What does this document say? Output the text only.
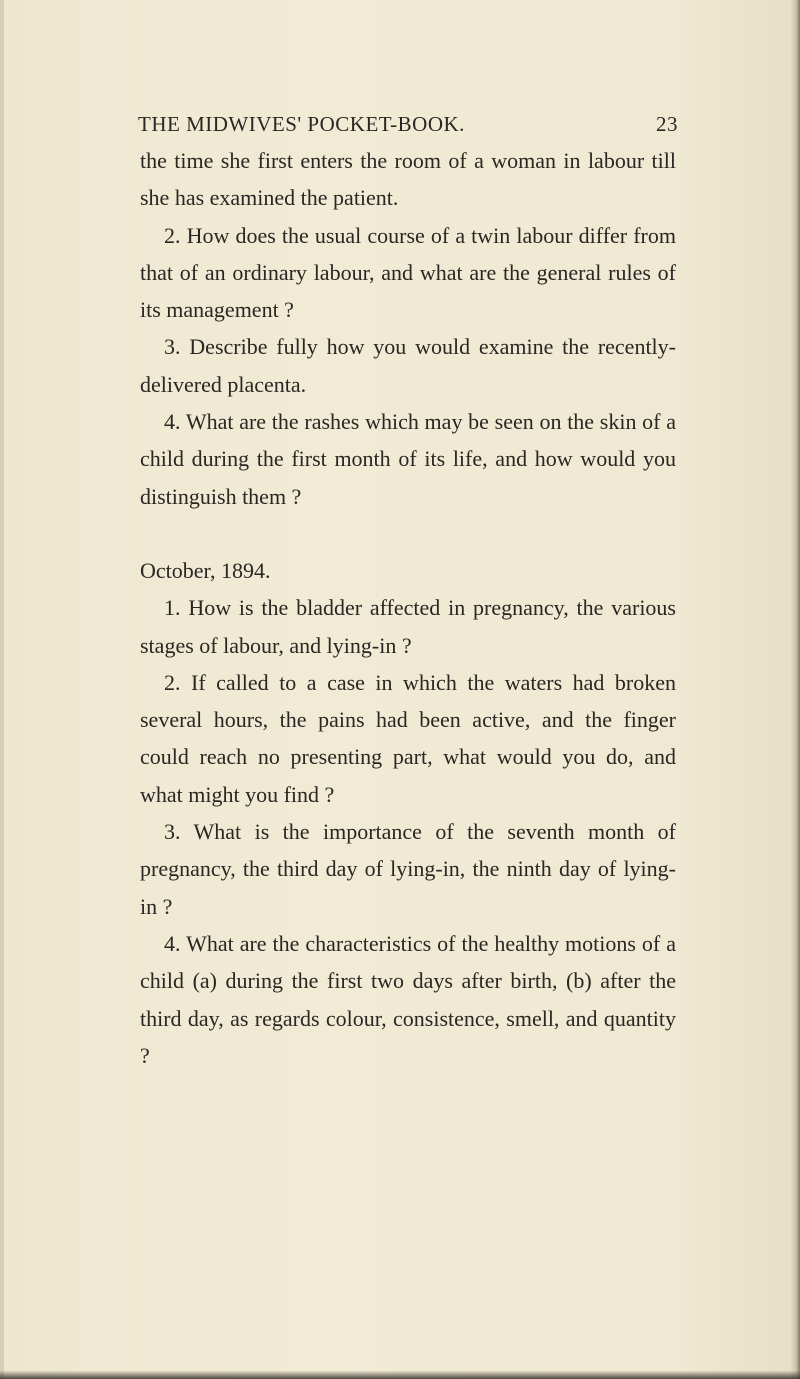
THE MIDWIVES' POCKET-BOOK.	23

the time she first enters the room of a woman in labour till she has examined the patient.

2. How does the usual course of a twin labour differ from that of an ordinary labour, and what are the general rules of its management ?

3. Describe fully how you would examine the recently-delivered placenta.

4. What are the rashes which may be seen on the skin of a child during the first month of its life, and how would you distinguish them ?

October, 1894.

1. How is the bladder affected in pregnancy, the various stages of labour, and lying-in ?

2. If called to a case in which the waters had broken several hours, the pains had been active, and the finger could reach no presenting part, what would you do, and what might you find ?

3. What is the importance of the seventh month of pregnancy, the third day of lying-in, the ninth day of lying-in ?

4. What are the characteristics of the healthy motions of a child (a) during the first two days after birth, (b) after the third day, as regards colour, consistence, smell, and quantity ?
